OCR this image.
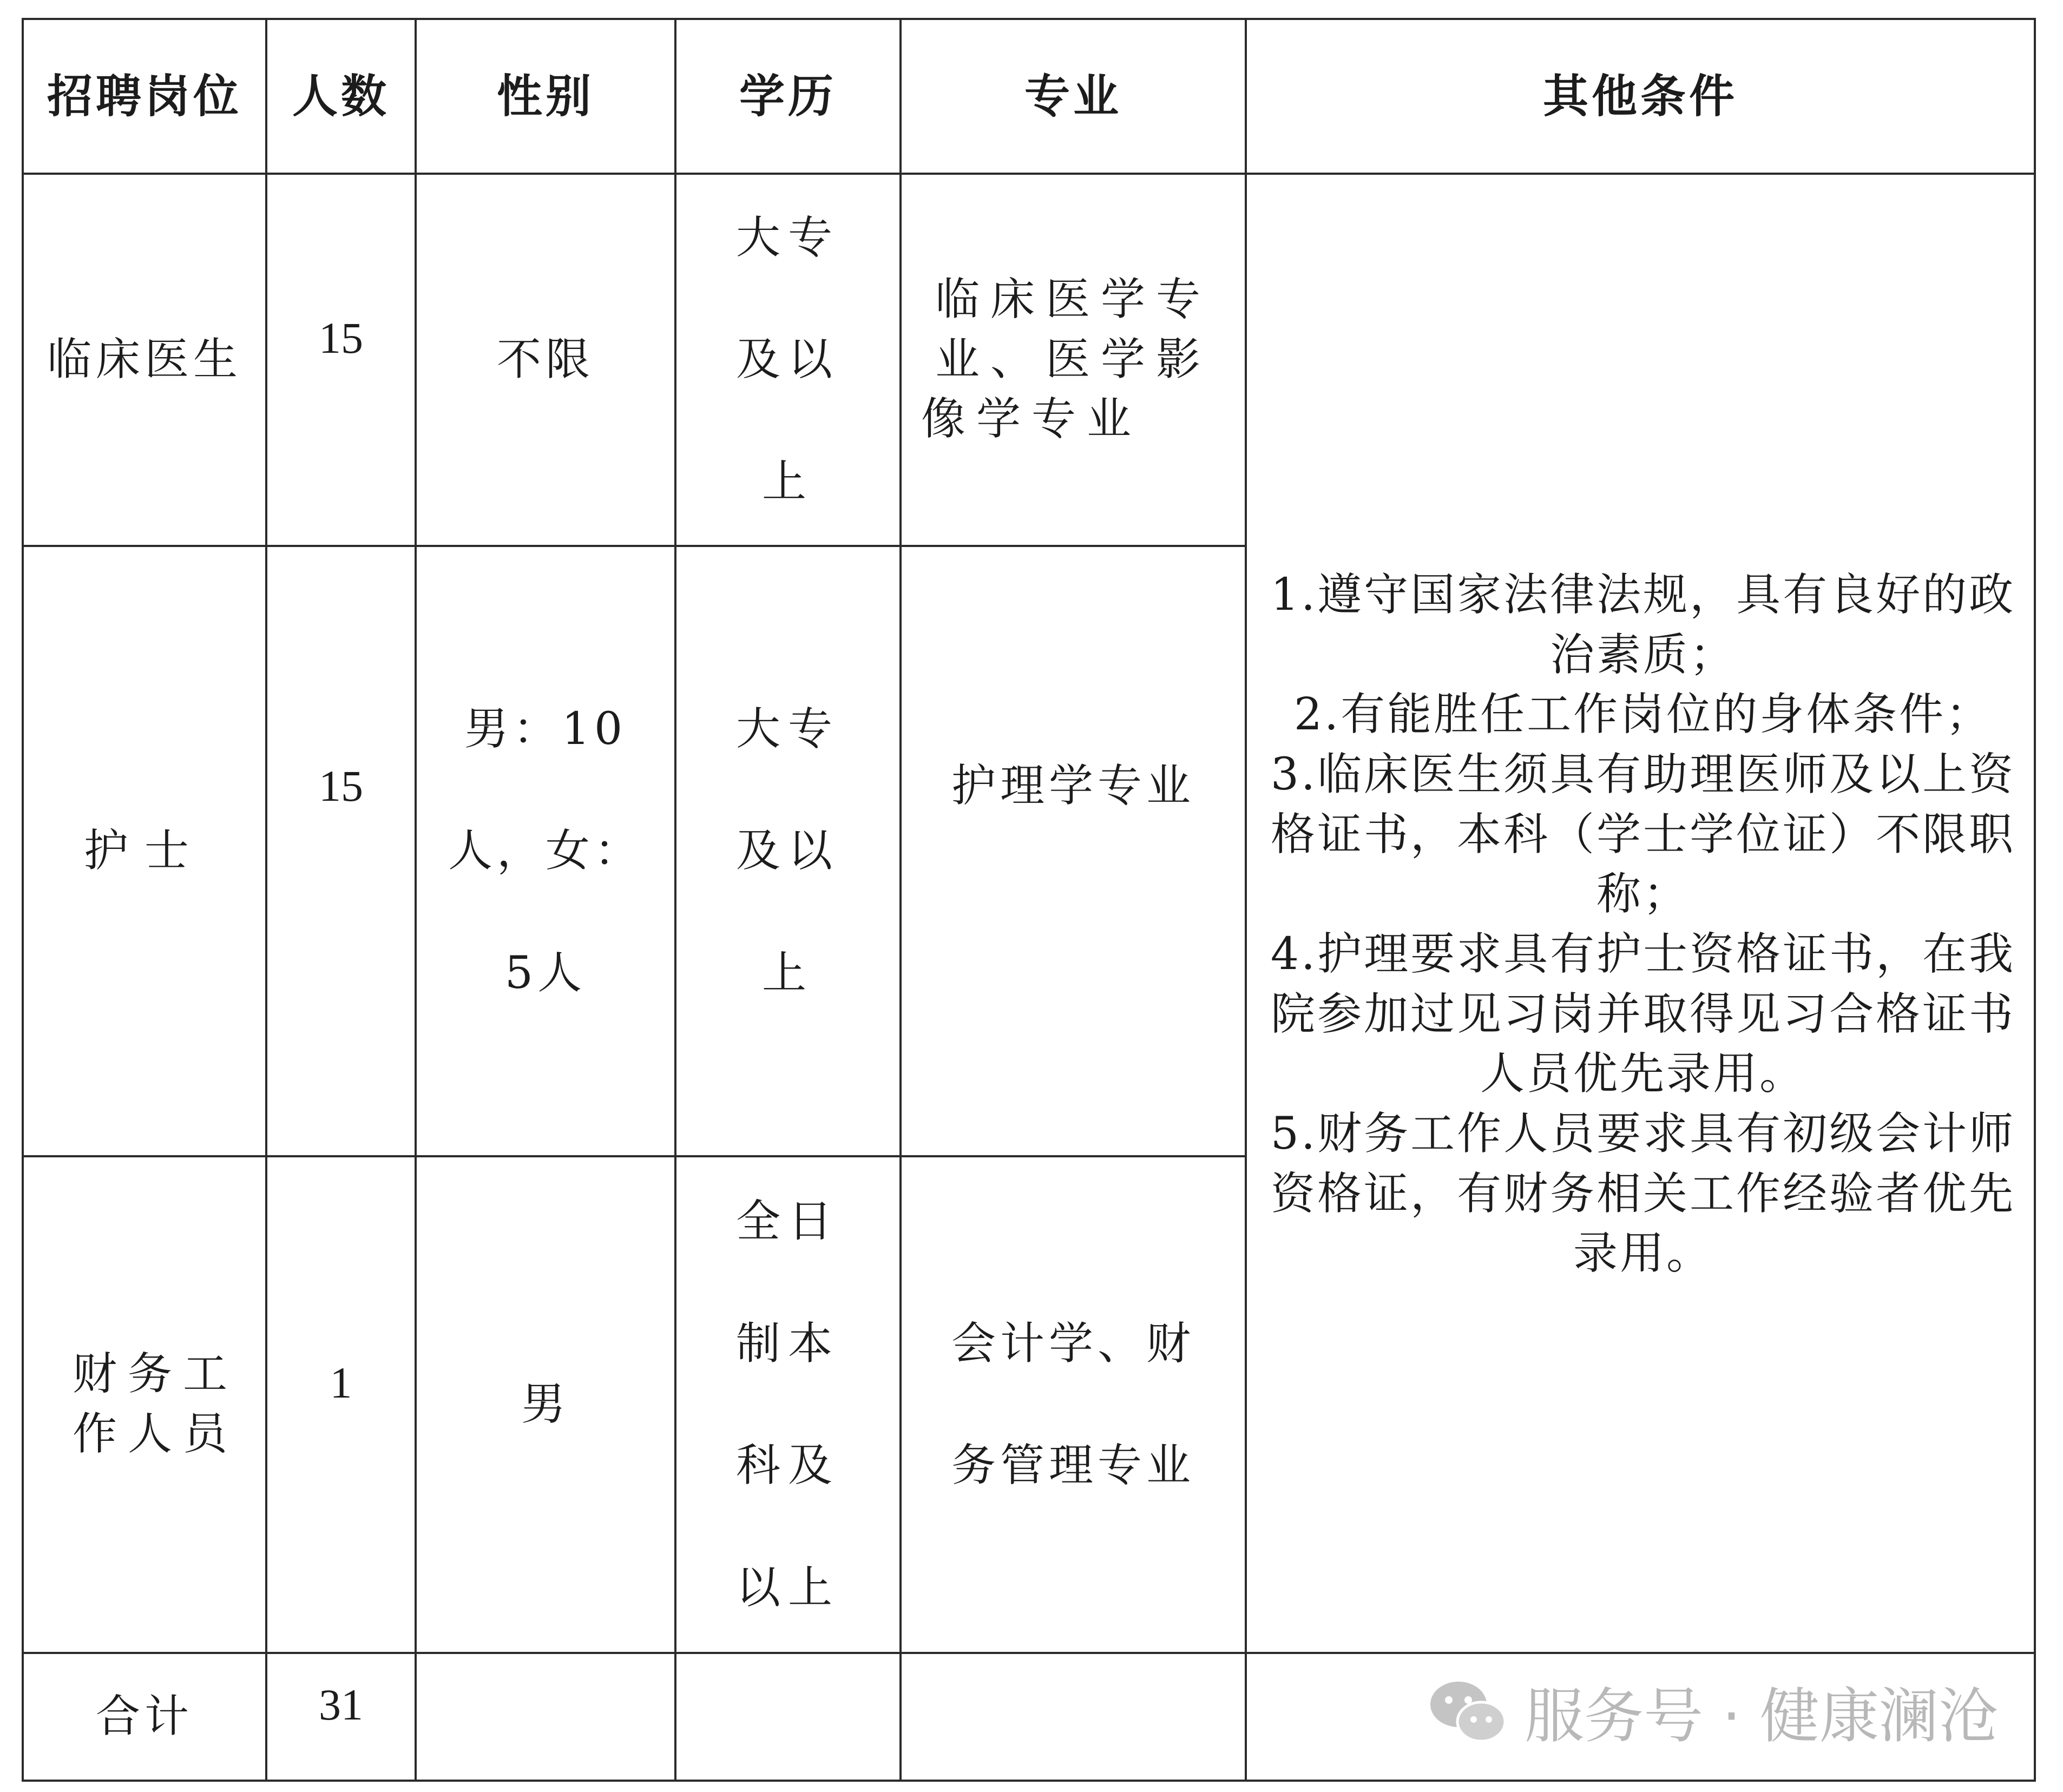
招聘岗位	人数	性别	学历	专业	其他条件
临床医生	15	不限	大专及以上	临床医学专业、医学影像学专业	1.遵守国家法律法规，具有良好的政治素质；

2.有能胜任工作岗位的身体条件；

3.临床医生须具有助理医师及以上资格证书，本科（学士学位证）不限职称；

4.护理要求具有护士资格证书，在我院参加过见习岗并取得见习合格证书人员优先录用。

5.财务工作人员要求具有初级会计师资格证，有财务相关工作经验者优先录用。

护士	15	男：10人，女：5人	大专及以上	护理学专业	
财务工作人员	1	男	全日制本科及以上	会计学、财务管理专业	
合计	31					服务号 · 健康澜沧
